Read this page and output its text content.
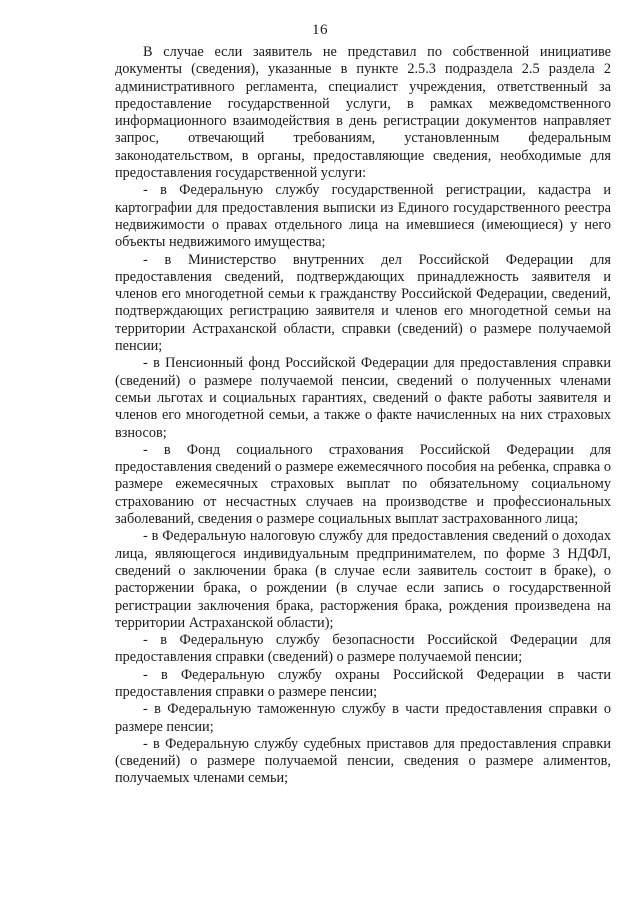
16

В случае если заявитель не представил по собственной инициативе документы (сведения), указанные в пункте 2.5.3 подраздела 2.5 раздела 2 административного регламента, специалист учреждения, ответственный за предоставление государственной услуги, в рамках межведомственного информационного взаимодействия в день регистрации документов направляет запрос, отвечающий требованиям, установленным федеральным законодательством, в органы, предоставляющие сведения, необходимые для предоставления государственной услуги:

- в Федеральную службу государственной регистрации, кадастра и картографии для предоставления выписки из Единого государственного реестра недвижимости о правах отдельного лица на имевшиеся (имеющиеся) у него объекты недвижимого имущества;

- в Министерство внутренних дел Российской Федерации для предоставления сведений, подтверждающих принадлежность заявителя и членов его многодетной семьи к гражданству Российской Федерации, сведений, подтверждающих регистрацию заявителя и членов его многодетной семьи на территории Астраханской области, справки (сведений) о размере получаемой пенсии;

- в Пенсионный фонд Российской Федерации для предоставления справки (сведений) о размере получаемой пенсии, сведений о полученных членами семьи льготах и социальных гарантиях, сведений о факте работы заявителя и членов его многодетной семьи, а также о факте начисленных на них страховых взносов;

- в Фонд социального страхования Российской Федерации для предоставления сведений о размере ежемесячного пособия на ребенка, справка о размере ежемесячных страховых выплат по обязательному социальному страхованию от несчастных случаев на производстве и профессиональных заболеваний, сведения о размере социальных выплат застрахованного лица;

- в Федеральную налоговую службу для предоставления сведений о доходах лица, являющегося индивидуальным предпринимателем, по форме 3 НДФЛ, сведений о заключении брака (в случае если заявитель состоит в браке), о расторжении брака, о рождении (в случае если запись о государственной регистрации заключения брака, расторжения брака, рождения произведена на территории Астраханской области);

- в Федеральную службу безопасности Российской Федерации для предоставления справки (сведений) о размере получаемой пенсии;

- в Федеральную службу охраны Российской Федерации в части предоставления справки о размере пенсии;

- в Федеральную таможенную службу в части предоставления справки о размере пенсии;

- в Федеральную службу судебных приставов для предоставления справки (сведений) о размере получаемой пенсии, сведения о размере алиментов, получаемых членами семьи;
